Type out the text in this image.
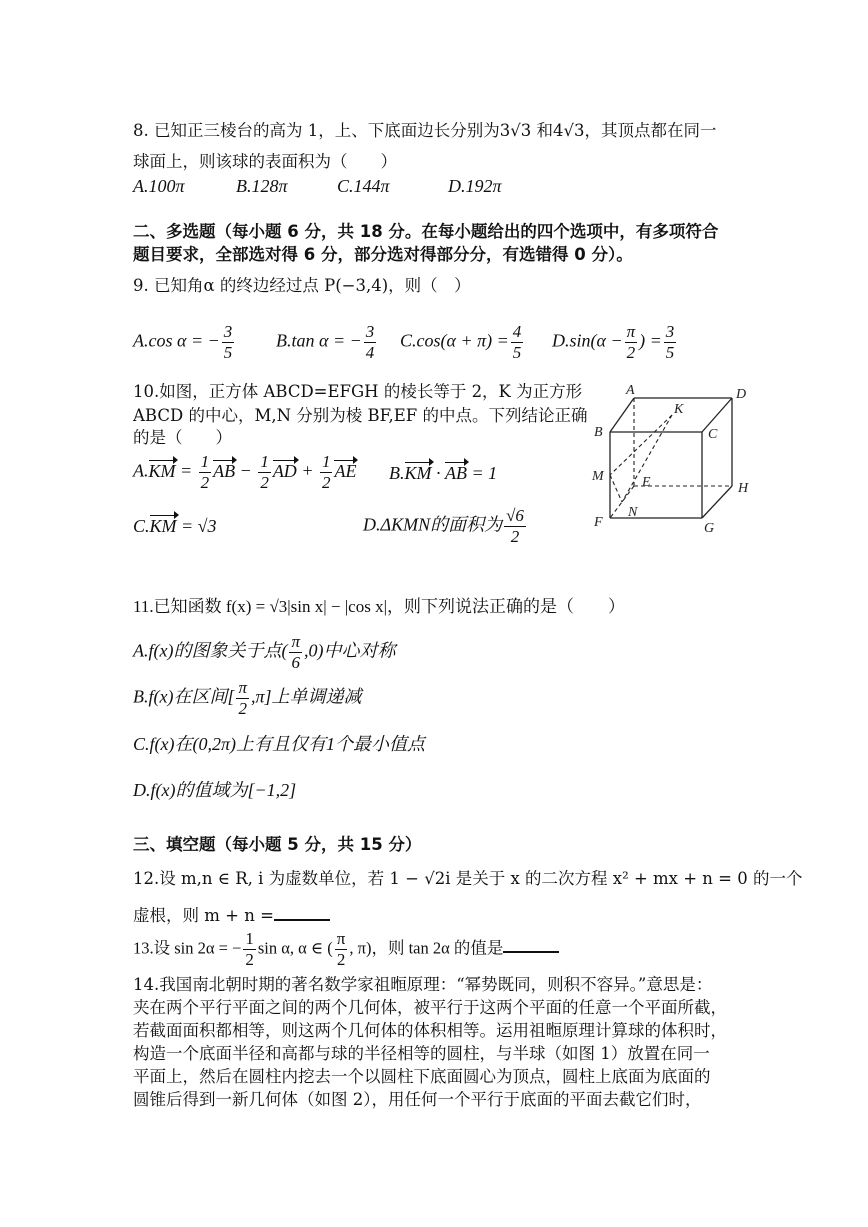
8. 已知正三棱台的高为 1，上、下底面边长分别为3√3 和4√3，其顶点都在同一
球面上，则该球的表面积为（　　）
A.100π	B.128π	C.144π	D.192π
二、多选题（每小题 6 分，共 18 分。在每小题给出的四个选项中，有多项符合
题目要求，全部选对得 6 分，部分选对得部分分，有选错得 0 分）。
9. 已知角α 的终边经过点 P(−3,4)，则（　）
A.cos α = − $\frac{3}{5} B.\tan$ α = − $\frac{3}{4} C.\cos(\alpha + \pi) = \frac{4}{5} D.\sin(\alpha - \frac{\pi}{2}$ ) = $\frac{3}{5}$
10.如图，正方体 ABCD=EFGH 的棱长等于 2，K 为正方形
ABCD 的中心，M,N 分别为棱 BF,EF 的中点。下列结论正确
的是（　　）
$A.KM = \frac{1}{2}$ AB − $\frac{1}{2}$ AD + $\frac{1}{2}$ AE B.KM · AB = 1
C.KM = √3	D.ΔKMN的面积为 $\frac{√6}{2}$
A
K
D
B	C
M	E	H
F
N
G
11.已知函数 f(x) = √3|sin x| − |cos x|，则下列说法正确的是（　　）
A.f(x)的图象关于点( $\frac{\pi}{6} ,0$)中心对称
B.f(x)在区间[ $\frac{\pi}{2} ,\pi$]上单调递减
C.f(x)在(0,2π)上有且仅有1个最小值点
D.f(x)的值域为[−1,2]
三、填空题（每小题 5 分，共 15 分）
12.设 m,n ∈ R, i 为虚数单位，若 1 − √2i 是关于 x 的二次方程 x² + mx + n = 0 的一个
虚根，则 m + n =
13.设 sin 2α = − $\frac{1}{2}$ sin α, α ∈ ( $\frac{\pi}{2}$ , π)，则 tan 2α 的值是
14.我国南北朝时期的著名数学家祖暅原理：“幂势既同，则积不容异。”意思是：
夹在两个平行平面之间的两个几何体，被平行于这两个平面的任意一个平面所截，
若截面面积都相等，则这两个几何体的体积相等。运用祖暅原理计算球的体积时，
构造一个底面半径和高都与球的半径相等的圆柱，与半球（如图 1）放置在同一
平面上，然后在圆柱内挖去一个以圆柱下底面圆心为顶点，圆柱上底面为底面的
圆锥后得到一新几何体（如图 2），用任何一个平行于底面的平面去截它们时，
